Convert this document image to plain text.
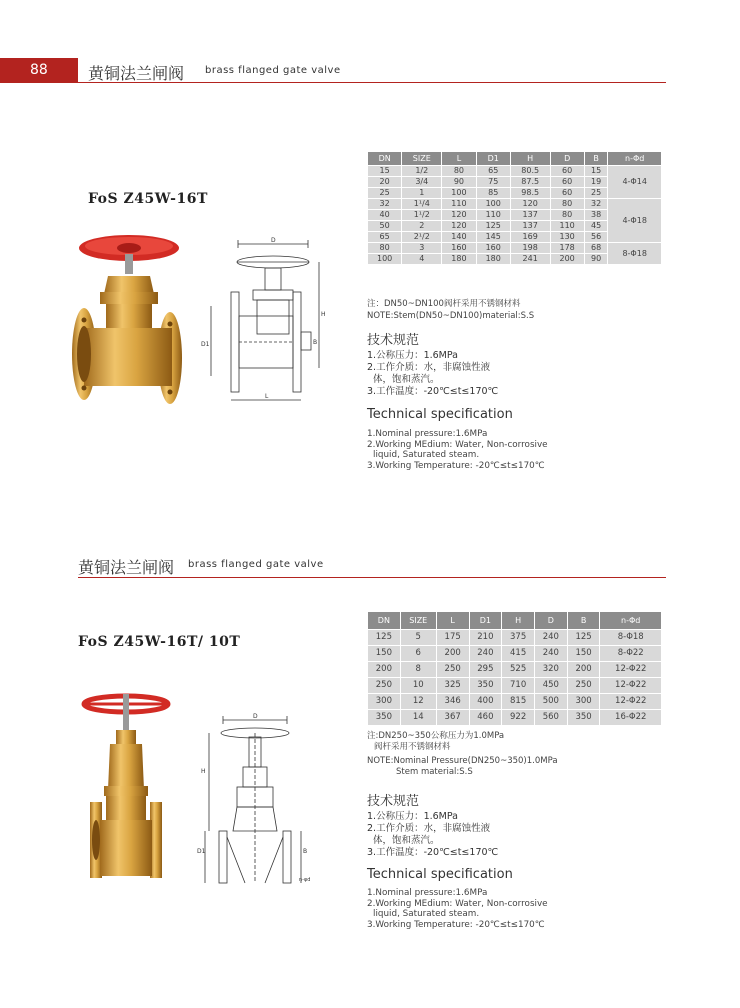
88	黄铜法兰闸阀 brass flanged gate valve
FoS Z45W-16T
D
H
D1
L
B
DN	SIZE	L	D1	H	D	B	n-Φd
15	1/2	80	65	80.5	60	15	4-Φ14
20	3/4	90	75	87.5	60	19	
25	1	100	85	98.5	60	25	
32	1¹/4	110	100	120	80	32	4-Φ18
40	1¹/2	120	110	137	80	38	
50	2	120	125	137	110	45	
65	2¹/2	140	145	169	130	56	
80	3	160	160	198	178	68	8-Φ18
100	4	180	180	241	200	90	
注：DN50~DN100阀杆采用不锈钢材料
NOTE:Stem(DN50~DN100)material:S.S
技术规范
1.公称压力：1.6MPa
2.工作介质：水，非腐蚀性液
体，饱和蒸汽。
3.工作温度：-20℃≤t≤170℃
Technical specification
1.Nominal pressure:1.6MPa
2.Working MEdium: Water, Non-corrosive
liquid, Saturated steam.
3.Working Temperature: -20℃≤t≤170℃
黄铜法兰闸阀 brass flanged gate valve
FoS Z45W-16T/ 10T
D
H
D1	B
n-φd
DN	SIZE	L	D1	H	D	B	n-Φd
125	5	175	210	375	240	125	8-Φ18
150	6	200	240	415	240	150	8-Φ22
200	8	250	295	525	320	200	12-Φ22
250	10	325	350	710	450	250	12-Φ22
300	12	346	400	815	500	300	12-Φ22
350	14	367	460	922	560	350	16-Φ22
注:DN250~350公称压力为1.0MPa
阀杆采用不锈钢材料
NOTE:Nominal Pressure(DN250~350)1.0MPa
Stem material:S.S
技术规范
1.公称压力：1.6MPa
2.工作介质：水，非腐蚀性液
体，饱和蒸汽。
3.工作温度：-20℃≤t≤170℃
Technical specification
1.Nominal pressure:1.6MPa
2.Working MEdium: Water, Non-corrosive
liquid, Saturated steam.
3.Working Temperature: -20℃≤t≤170℃
